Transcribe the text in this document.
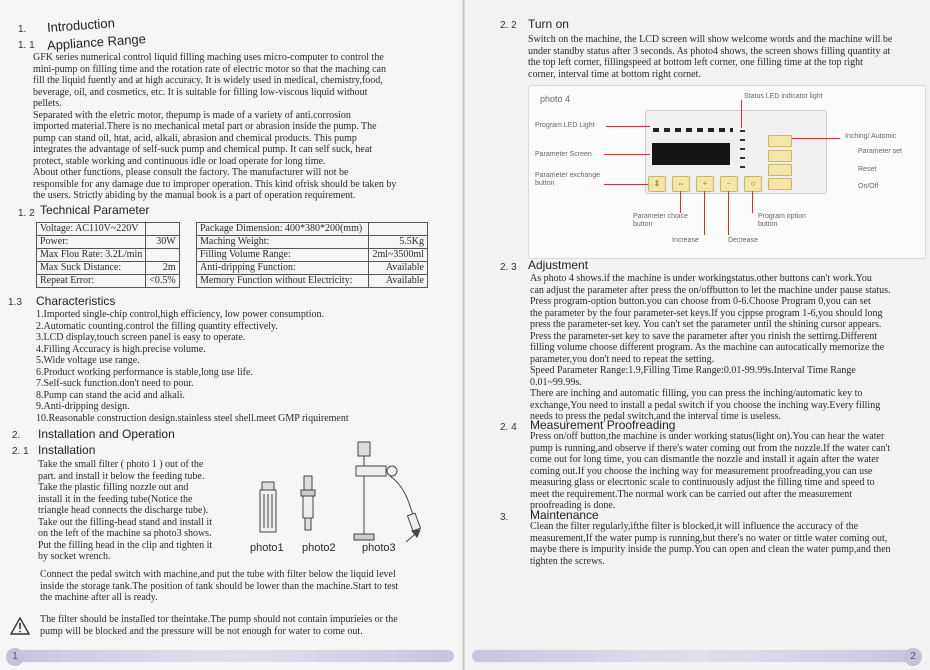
1. Introduction
1. 1 Appliance Range
GFK series numerical control liquid filling maching uses micro-computer to control the
mini-pump on filling time and the rotation rate of electric motor so that the maching can
fill the liquid fuently and at high accuracy. It is widely used in medical, chemistry,food,
beverage, oil, and cosmetics, etc. It is suitable for filling low-viscous liquid without
pellets.
Separated with the eletric motor, thepump is made of a variety of anti.corrosion
imported material.There is no mechanical metal part or abrasion inside the pump. The
pump can stand oil, htat, acid, alkali, abrasion and chemical products. This pump
integrates the advantage of self-suck pump and chemical pump. It can self suck, heat
protect, stable working and continuous idle or load operate for long time.
About other functions, please consult the factory. The manufacturer will not be
responsible for any damage due to improper operation. This kind ofrisk should be taken by
the users. Strictly abiding by the manual book is a part of operation requirement.
1. 2 Technical Parameter
Voltage: AC110V~220V	
Power:	30W
Max Flou Rate: 3.2L/min	
Max Suck Distance:	2m
Repeat Error:	<0.5%
Package Dimension: 400*380*200(mm)	
Maching Weight:	5.5Kg
Filling Volume Range:	2ml~3500ml
Anti-dripping Function:	Available
Memory Function without Electricity:	Available
1.3 Characteristics
1.Imported single-chip control,high efficiency, low power consumption.
2.Automatic counting.control the filling quantity effectively.
3.LCD display,touch screen panel is easy to operate.
4.Filling Accuracy is high.precise volume.
5.Wide voltage use range.
6.Product working performance is stable,long use life.
7.Self-suck function.don't need to pour.
8.Pump can stand the acid and alkali.
9.Anti-dripping design.
10.Reasonable construction design.stainless steel shell.meet GMP riquirement
2. Installation and Operation
2. 1 Installation
Take the small filter ( photo 1 ) out of the
part. and install it below the feeding tube.
Take the plastic filling nozzle out and
install it in the feeding tube(Notice the
triangle head connects the discharge tube).
Take out the filling-head stand and install it
on the left of the machine sa photo3 shows.
Put the filling head in the clip and tighten it
by socket wrench.
photo1 photo2 photo3
Connect the pedal switch with machine,and put the tube with filter below the liquid level
inside the storage tank.The position of tank should be lower than the machine.Start to test
the machine after all is ready.
The filter should be installed tor theintake.The pump should not contain impurieies or the
pump will be blocked and the pressure will be not enough for water to come out.
1
2. 2 Turn on
Switch on the machine, the LCD screen will show welcome words and the machine will be
under standby status after 3 seconds. As photo4 shows, the screen shows filling quantity at
the top left corner, fillingspeed at bottom left corner, one filling time at the top right
corner, interval time at bottom right cornet.
photo 4	Status LED indicator light
Program LED Light
Parameter Screen
Parameter exchange button
Parameter choice button
Program option button
Increase	Decrease
Inching/ Automic
Parameter set
Reset
On/Off
⇕	⇔	+	−	○
2. 3 Adjustment
As photo 4 shows.if the machine is under workingstatus.other buttons can't work.You
can adjust the parameter after press the on/offbutton to let the machine under pause status.
Press program-option button.you can choose from 0-6.Choose Program 0,you can set
the parameter by the four parameter-set keys.If you cjppse program 1-6,you should long
press the parameter-set key. You can't set the parameter until the shining cursor appears.
Press the parameter-set key to save the parameter after you rinish the settirng.Different
filling volume choose different program. As the machine can autocatically memorize the
parameter,you don't need to repeat the setting.
Speed Parameter Range:1.9,Filling Time Range:0.01-99.99s.Interval Time Range
0.01~99.99s.
There are inching and automatic filling, you can press the inching/automatic key to
exchange,You need to install a pedal switch if you choose the inching way.Every filling
needs to press the pedal switch,and the interval time is useless.
2. 4 Measurement Proofreading
Press on/off button,the machine is under working status(light on).You can hear the water
pump is running,and observe if there's water coming out from the nozzle.If the water can't
come out for long time, you can dismantle the nozzle and install it again after the water
coming out.If you choose the inching way for measurement proofreading,you can use
measuring glass or elecrtonic scale to continuously adjust the filling time and speed to
meet the requirement.The normal work can be carried out after the measurement
proofreading is done.
3. Maintenance
Clean the filter regularly,ifthe filter is blocked,it will influence the accuracy of the
measurement,If the water pump is running,but there's no water or tittle water coming out,
maybe there is impurity inside the pump.You can open and clean the water pump,and then
tighten the screws.
2
